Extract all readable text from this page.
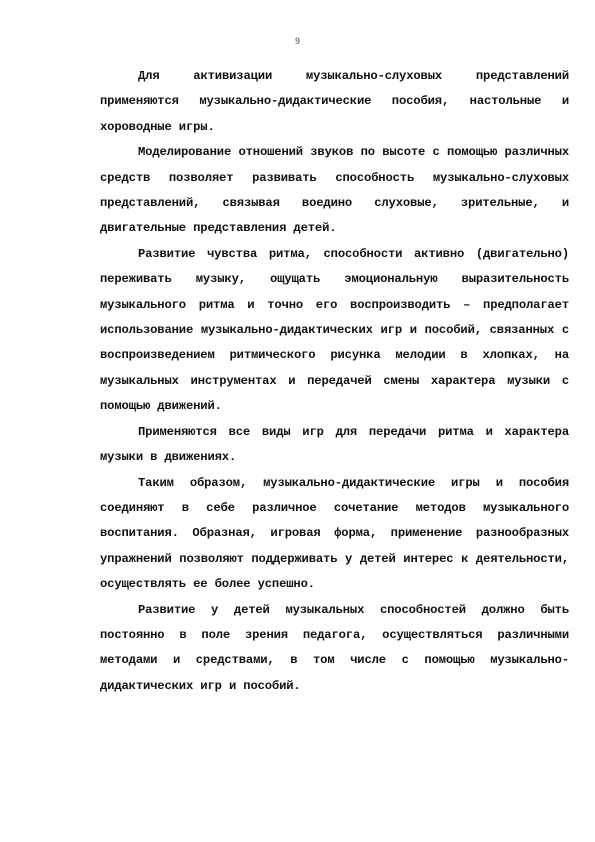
9

Для активизации музыкально-слуховых представлений применяются музыкально-дидактические пособия, настольные и хороводные игры.

Моделирование отношений звуков по высоте с помощью различных средств позволяет развивать способность музыкально-слуховых представлений, связывая воедино слуховые, зрительные, и двигательные представления детей.

Развитие чувства ритма, способности активно (двигательно) переживать музыку, ощущать эмоциональную выразительность музыкального ритма и точно его воспроизводить – предполагает использование музыкально-дидактических игр и пособий, связанных с воспроизведением ритмического рисунка мелодии в хлопках, на музыкальных инструментах и передачей смены характера музыки с помощью движений.

Применяются все виды игр для передачи ритма и характера музыки в движениях.

Таким образом, музыкально-дидактические игры и пособия соединяют в себе различное сочетание методов музыкального воспитания. Образная, игровая форма, применение разнообразных упражнений позволяют поддерживать у детей интерес к деятельности, осуществлять ее более успешно.

Развитие у детей музыкальных способностей должно быть постоянно в поле зрения педагога, осуществляться различными методами и средствами, в том числе с помощью музыкально-дидактических игр и пособий.
